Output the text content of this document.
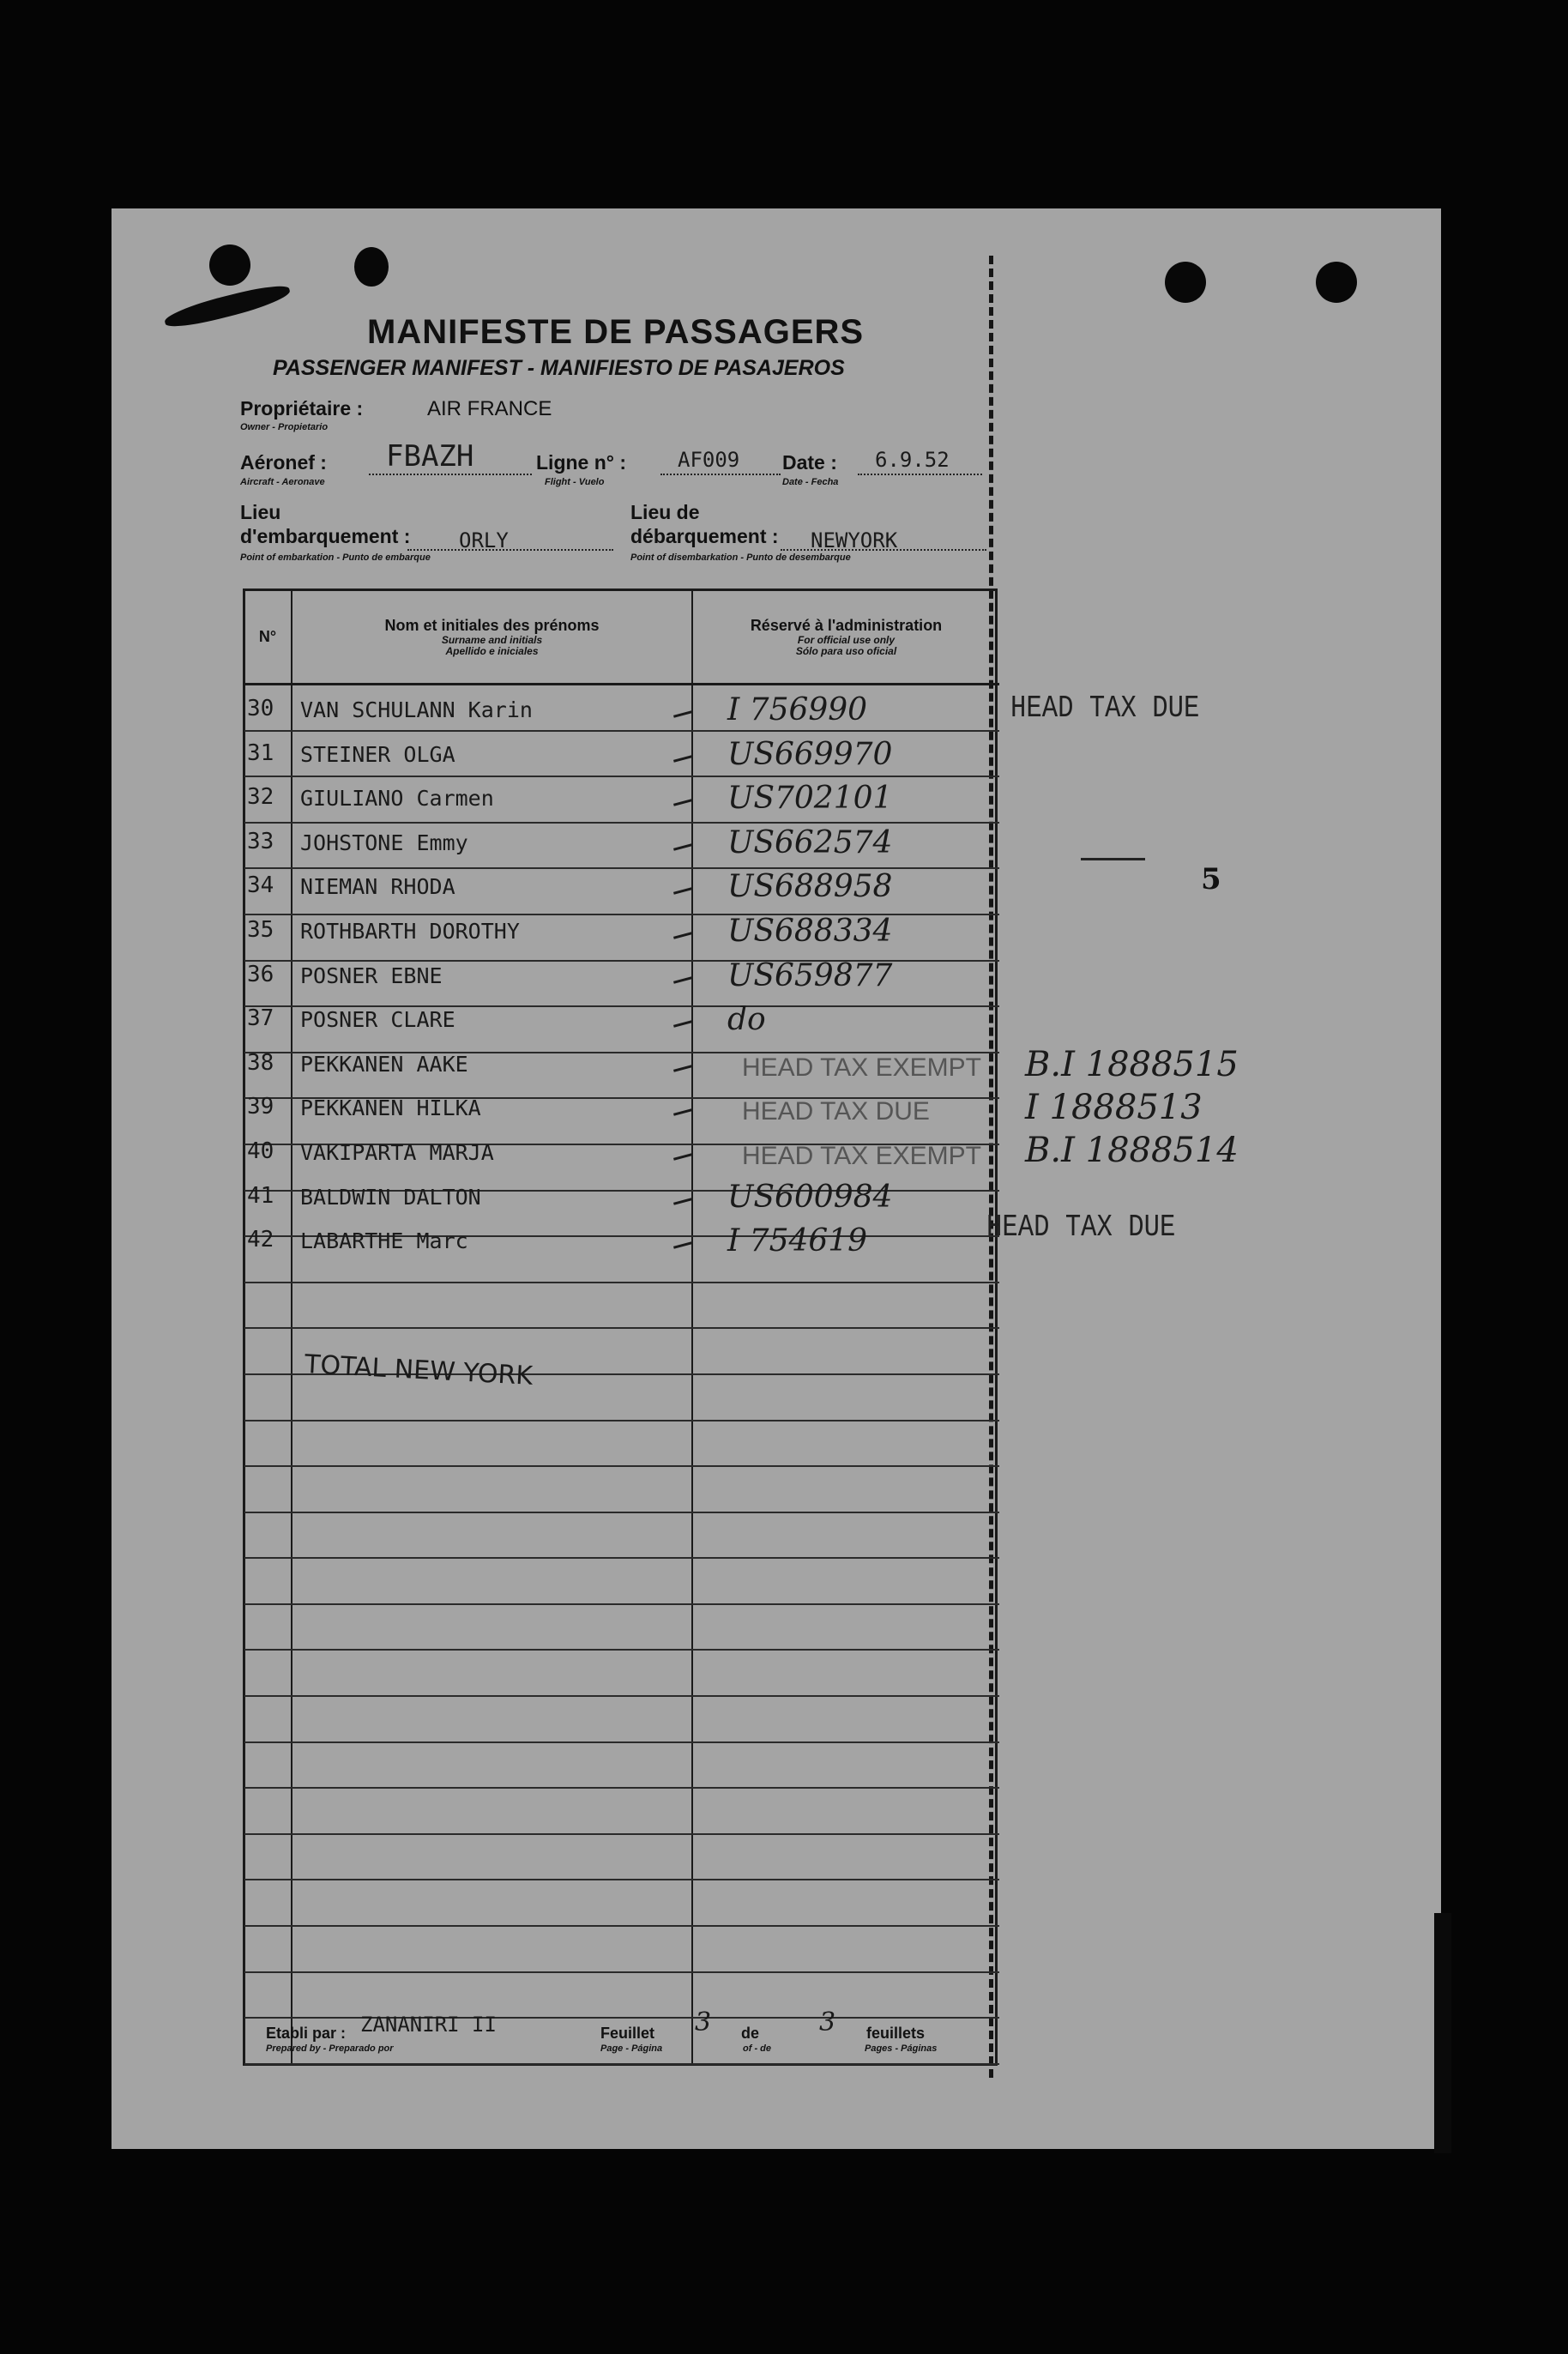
MANIFESTE DE PASSAGERS
PASSENGER MANIFEST - MANIFIESTO DE PASAJEROS
Propriétaire :	AIR FRANCE
Owner - Propietario
Aéronef : FBAZH
Aircraft - Aeronave
Ligne n° : AF009
Flight - Vuelo
Date : 6.9.52
Date - Fecha
Lieu
d'embarquement : ORLY
Point of embarkation - Punto de embarque
Lieu de
débarquement : NEWYORK
Point of disembarkation - Punto de desembarque
N°	Nom et initiales des prénoms
Surname and initials
Apellido e iniciales	Réservé à l'administration
For official use only
Sólo para uso oficial

30 VAN SCHULANN Karin	I 756990
31 STEINER OLGA	US669970
32 GIULIANO Carmen	US702101
33 JOHSTONE Emmy	US662574
34 NIEMAN RHODA	US688958
35 ROTHBARTH DOROTHY	US688334
36 POSNER EBNE	US659877
37 POSNER CLARE	do
38 PEKKANEN AAKE	HEAD TAX EXEMPT
39 PEKKANEN HILKA	HEAD TAX DUE
40 VAKIPARTA MARJA	HEAD TAX EXEMPT
41 BALDWIN DALTON	US600984
42 LABARTHE Marc	I 754619
TOTAL NEW YORK
HEAD TAX DUE
5
B.I 1888515
I 1888513
B.I 1888514
HEAD TAX DUE
Etabli par : ZANANIRI II
Prepared by - Preparado por
Feuillet 3
Page - Página
de 3
of - de
feuillets
Pages - Páginas
